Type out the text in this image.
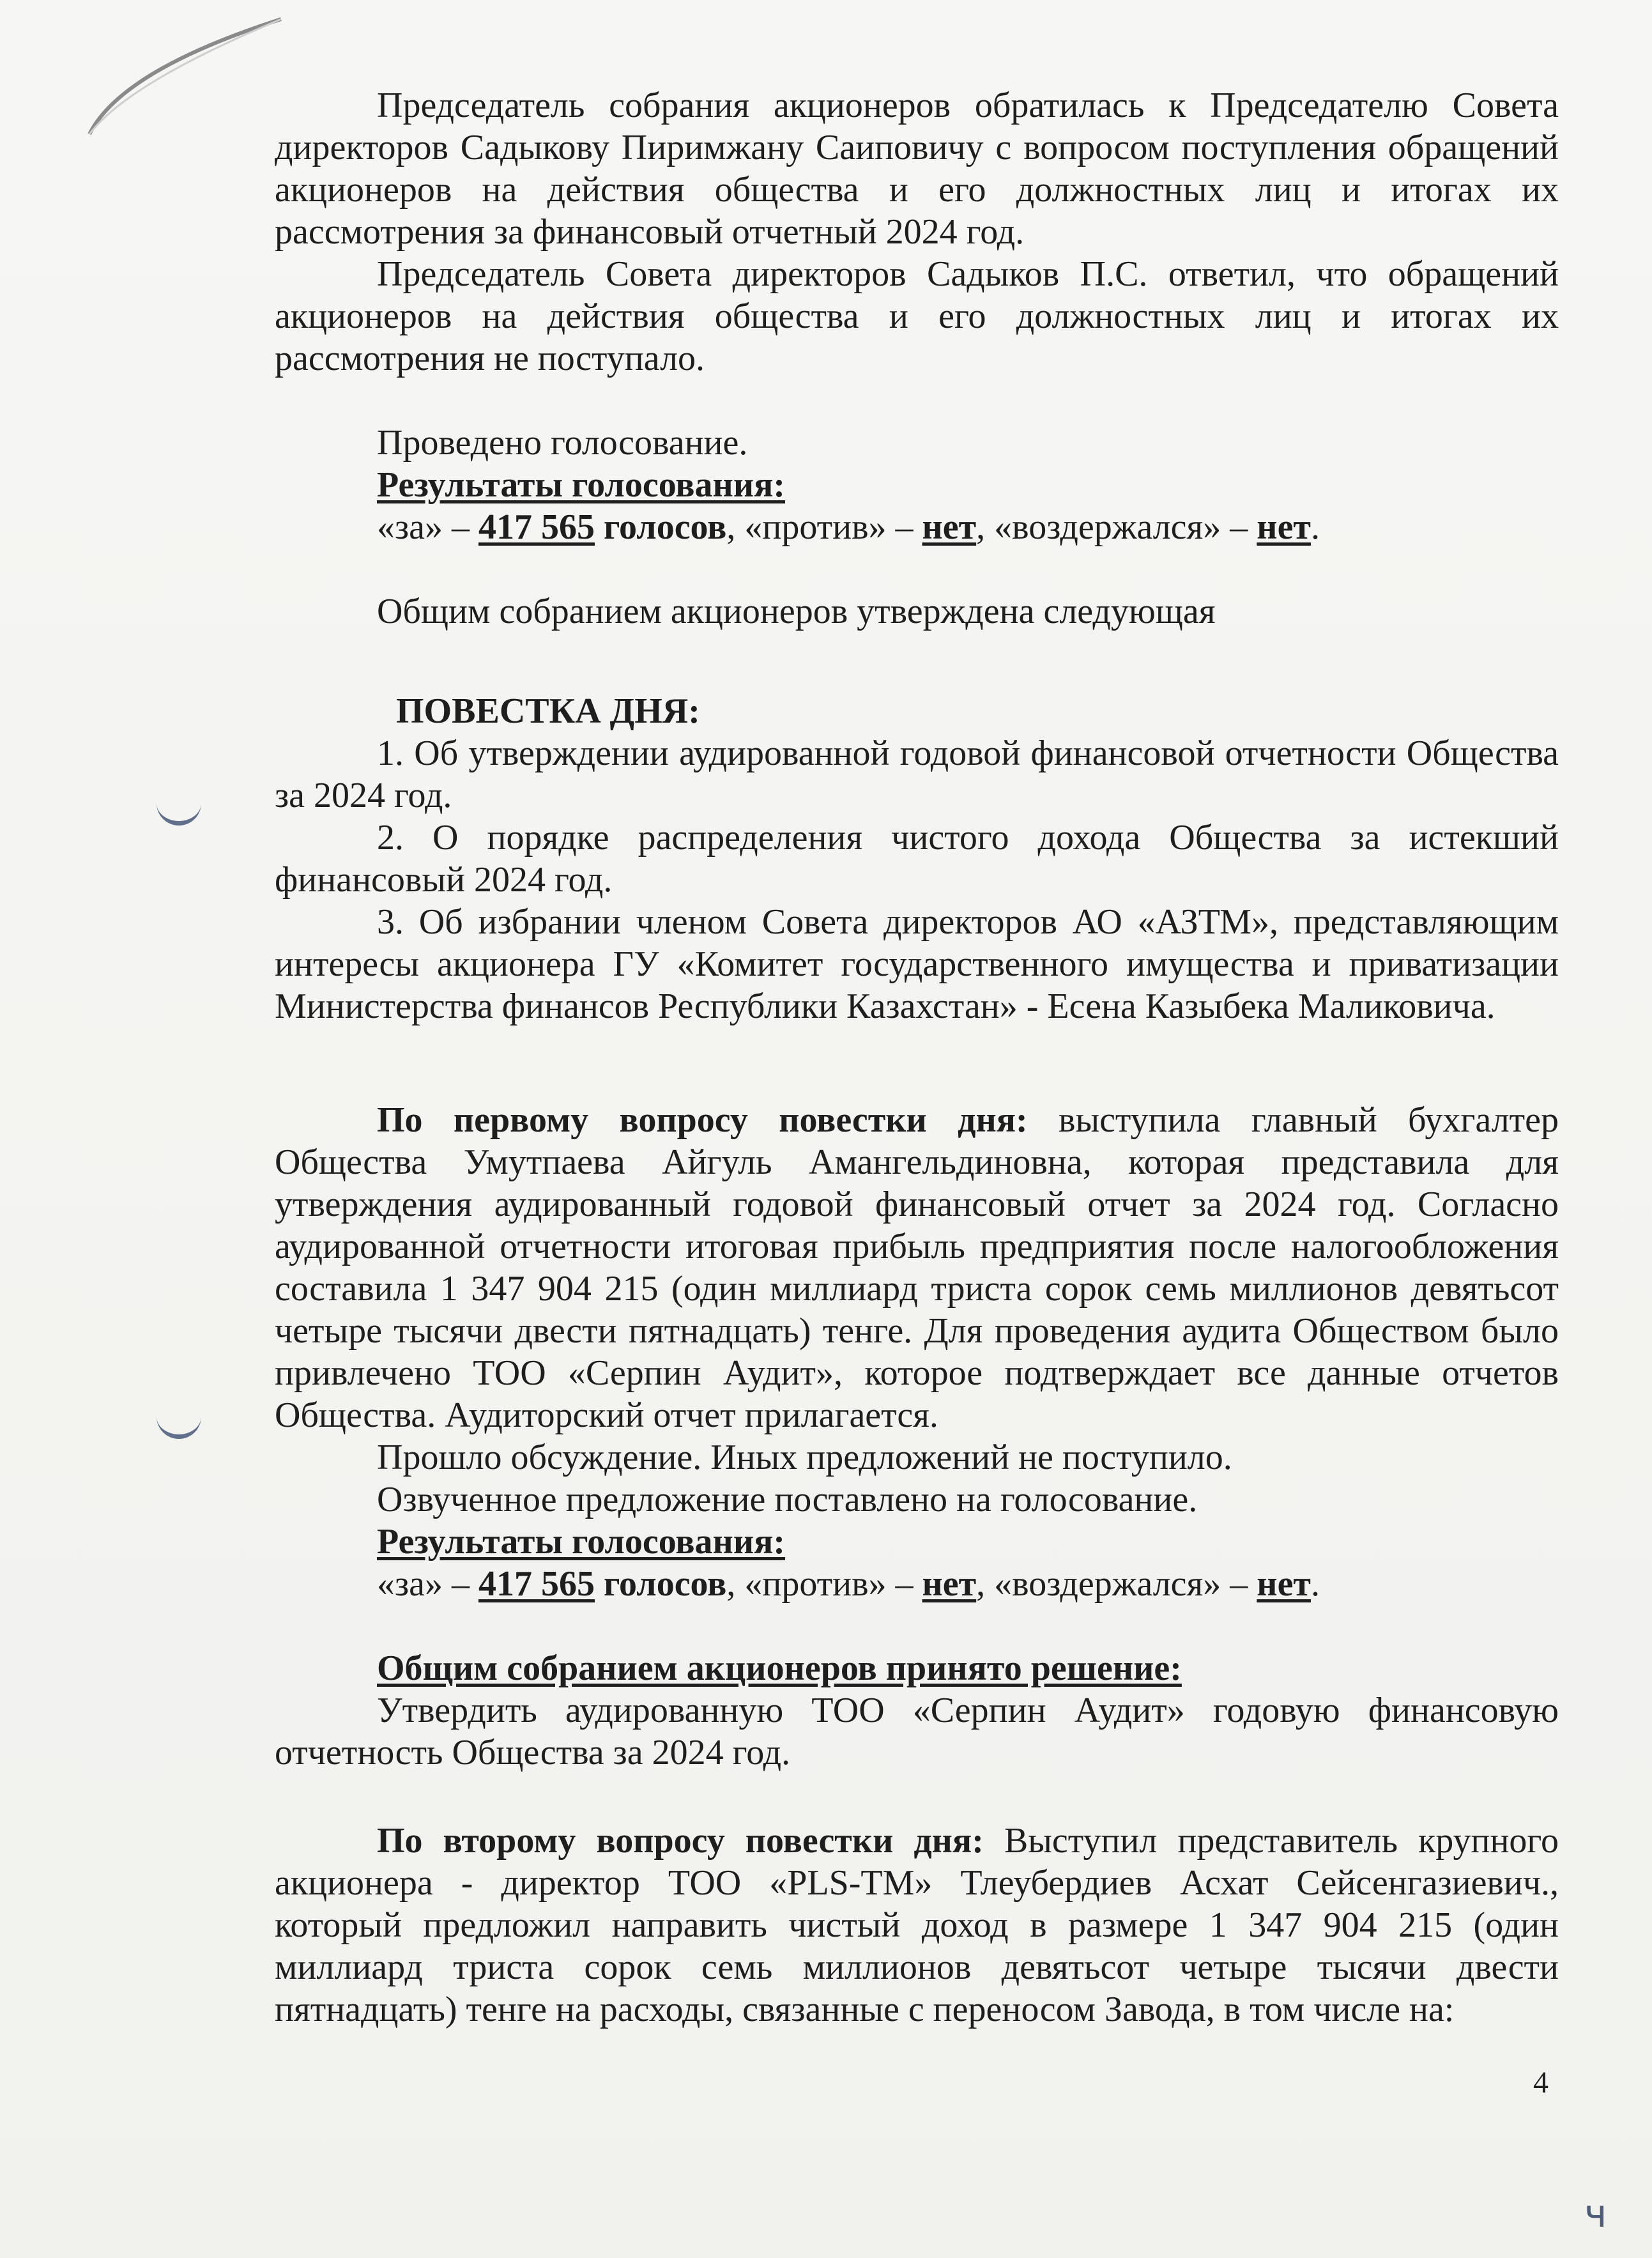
Председатель собрания акционеров обратилась к Председателю Совета директоров Садыкову Пиримжану Саиповичу с вопросом поступления обращений акционеров на действия общества и его должностных лиц и итогах их рассмотрения за финансовый отчетный 2024 год.

Председатель Совета директоров Садыков П.С. ответил, что обращений акционеров на действия общества и его должностных лиц и итогах их рассмотрения не поступало.

Проведено голосование.

Результаты голосования:

«за» – 417 565 голосов, «против» – нет, «воздержался» – нет.

Общим собранием акционеров утверждена следующая

ПОВЕСТКА ДНЯ:

1. Об утверждении аудированной годовой финансовой отчетности Общества за 2024 год.

2. О порядке распределения чистого дохода Общества за истекший финансовый 2024 год.

3. Об избрании членом Совета директоров АО «АЗТМ», представляющим интересы акционера ГУ «Комитет государственного имущества и приватизации Министерства финансов Республики Казахстан» - Есена Казыбека Маликовича.

По первому вопросу повестки дня: выступила главный бухгалтер Общества Умутпаева Айгуль Амангельдиновна, которая представила для утверждения аудированный годовой финансовый отчет за 2024 год. Согласно аудированной отчетности итоговая прибыль предприятия после налогообложения составила 1 347 904 215 (один миллиард триста сорок семь миллионов девятьсот четыре тысячи двести пятнадцать) тенге. Для проведения аудита Обществом было привлечено ТОО «Серпин Аудит», которое подтверждает все данные отчетов Общества. Аудиторский отчет прилагается.

Прошло обсуждение. Иных предложений не поступило.

Озвученное предложение поставлено на голосование.

Результаты голосования:

«за» – 417 565 голосов, «против» – нет, «воздержался» – нет.

Общим собранием акционеров принято решение:

Утвердить аудированную ТОО «Серпин Аудит» годовую финансовую отчетность Общества за 2024 год.

По второму вопросу повестки дня: Выступил представитель крупного акционера - директор ТОО «PLS-TM» Тлеубердиев Асхат Сейсенгазиевич., который предложил направить чистый доход в размере 1 347 904 215 (один миллиард триста сорок семь миллионов девятьсот четыре тысячи двести пятнадцать) тенге на расходы, связанные с переносом Завода, в том числе на:

4
ч
